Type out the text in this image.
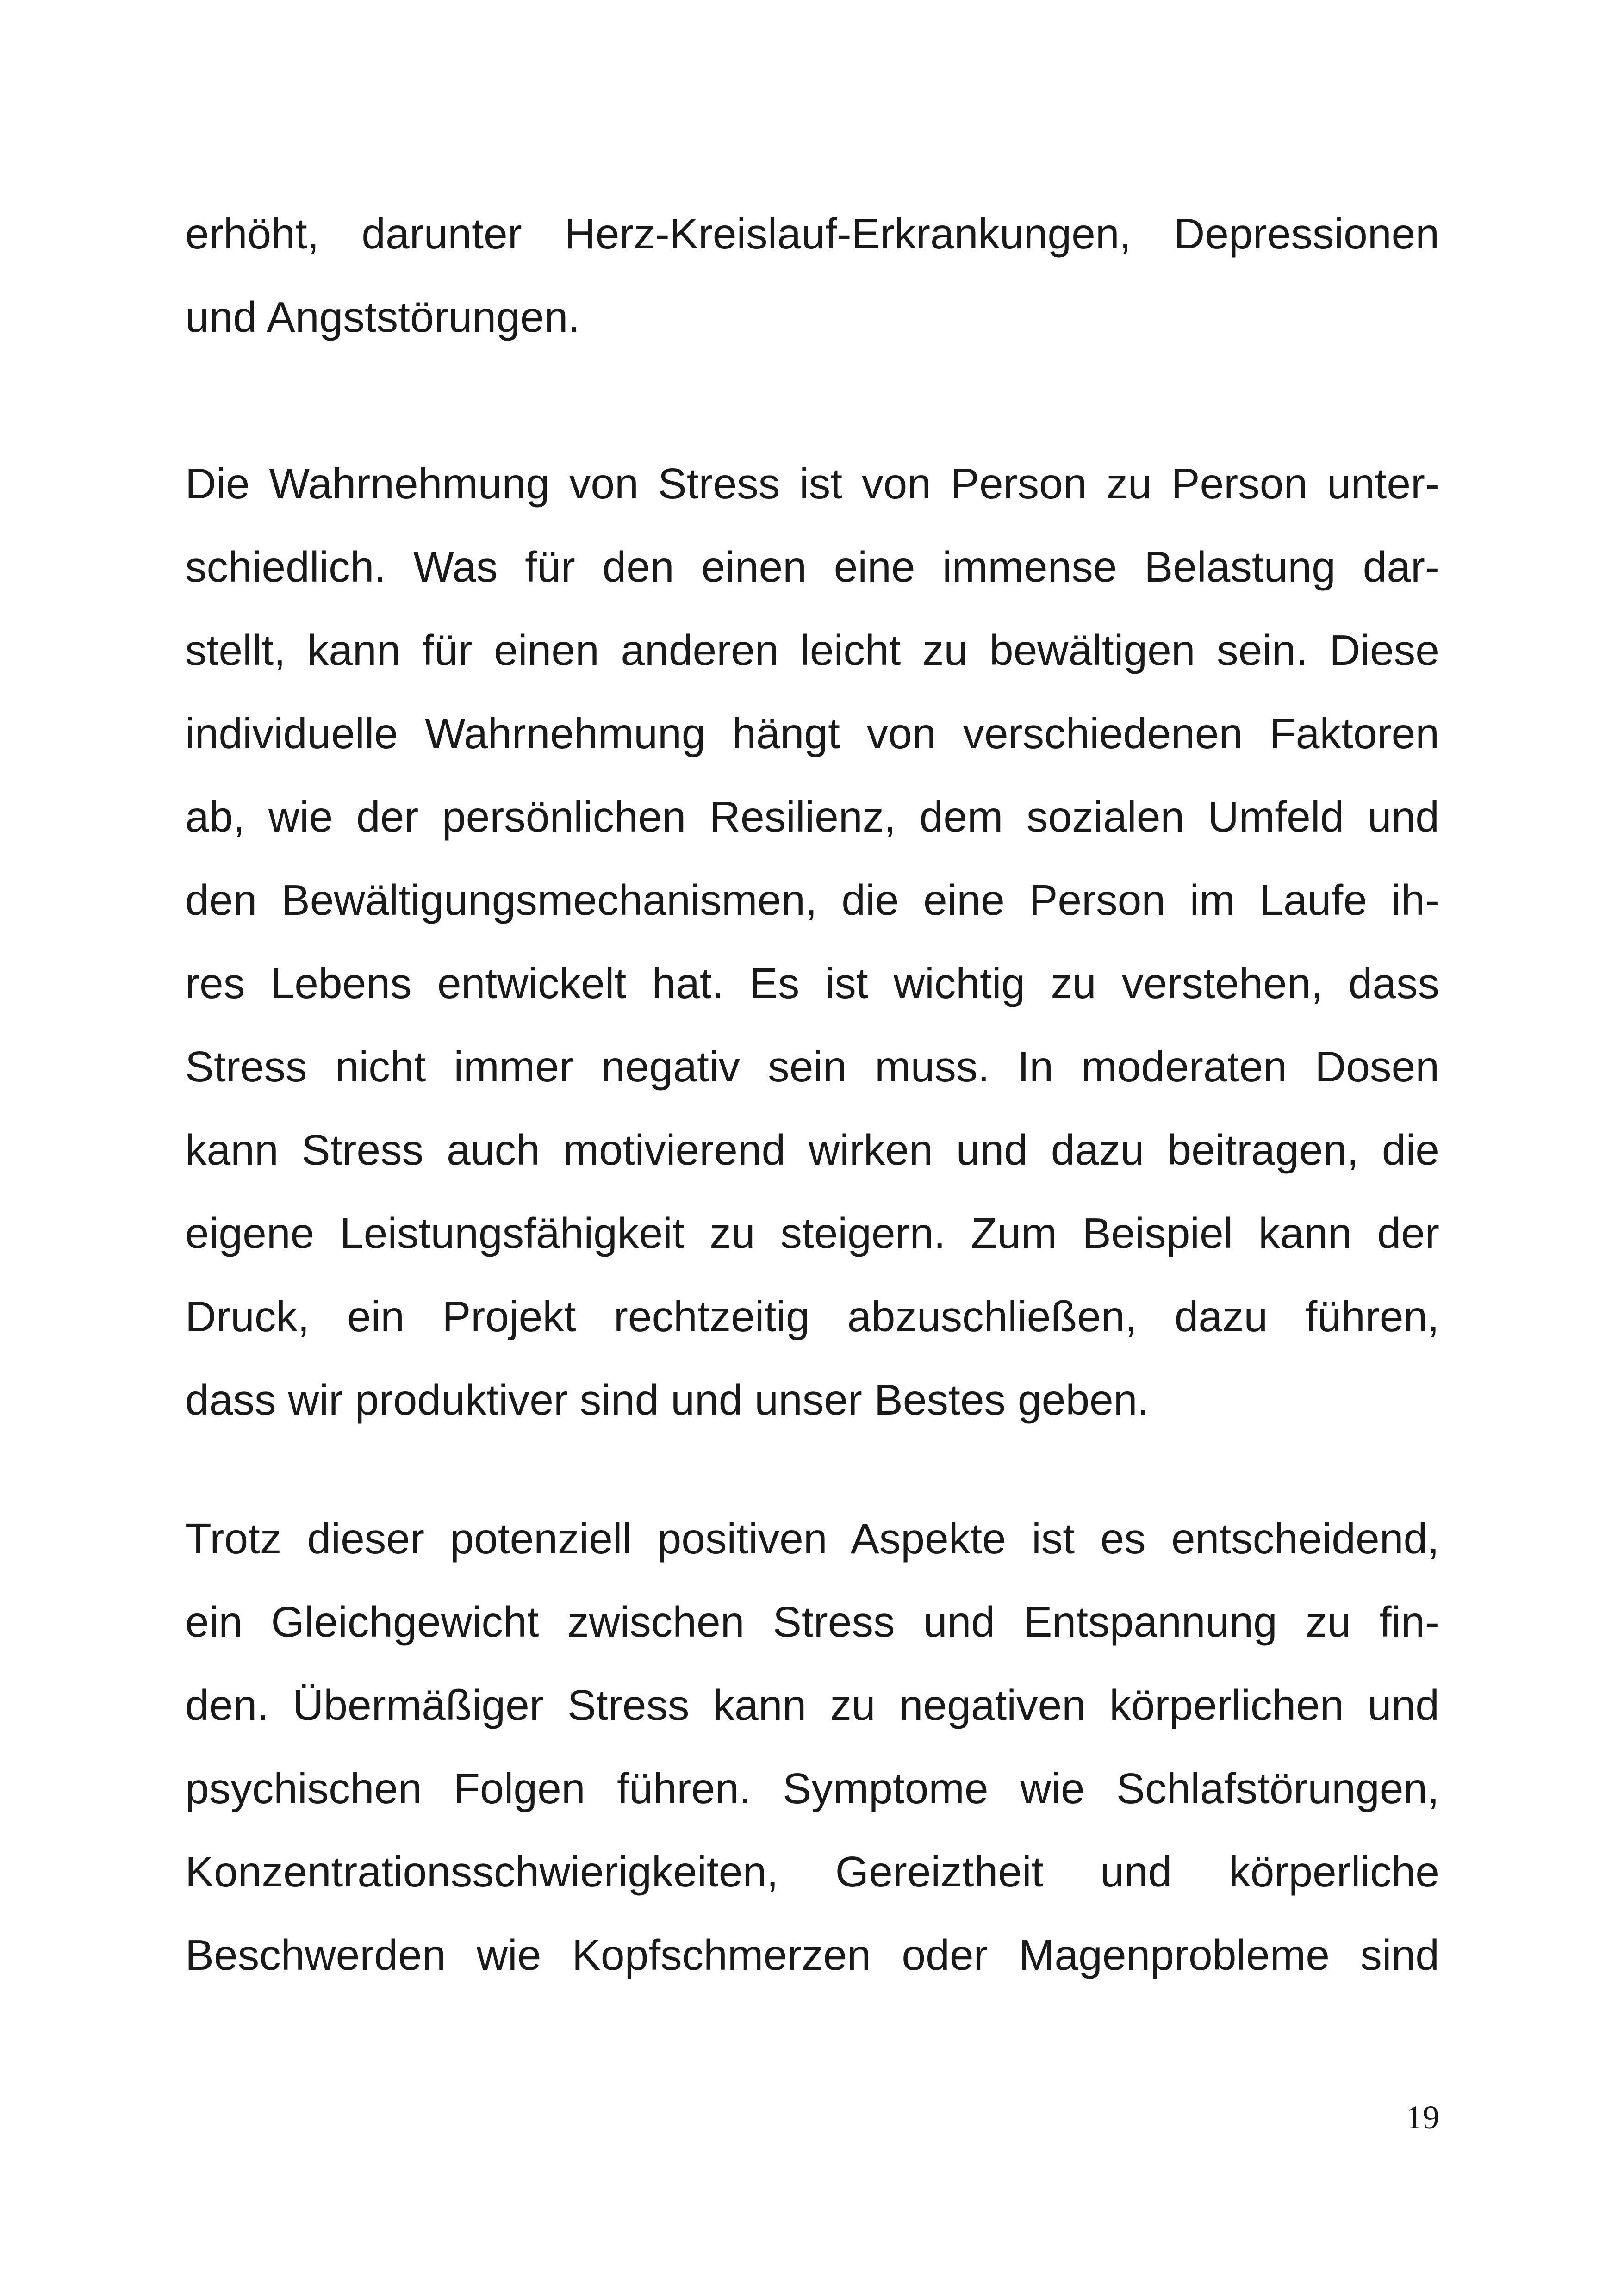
erhöht, darunter Herz-Kreislauf-Erkrankungen, Depressionen
und Angststörungen.
Die Wahrnehmung von Stress ist von Person zu Person unter-
schiedlich. Was für den einen eine immense Belastung dar-
stellt, kann für einen anderen leicht zu bewältigen sein. Diese
individuelle Wahrnehmung hängt von verschiedenen Faktoren
ab, wie der persönlichen Resilienz, dem sozialen Umfeld und
den Bewältigungsmechanismen, die eine Person im Laufe ih-
res Lebens entwickelt hat. Es ist wichtig zu verstehen, dass
Stress nicht immer negativ sein muss. In moderaten Dosen
kann Stress auch motivierend wirken und dazu beitragen, die
eigene Leistungsfähigkeit zu steigern. Zum Beispiel kann der
Druck, ein Projekt rechtzeitig abzuschließen, dazu führen,
dass wir produktiver sind und unser Bestes geben.
Trotz dieser potenziell positiven Aspekte ist es entscheidend,
ein Gleichgewicht zwischen Stress und Entspannung zu fin-
den. Übermäßiger Stress kann zu negativen körperlichen und
psychischen Folgen führen. Symptome wie Schlafstörungen,
Konzentrationsschwierigkeiten, Gereiztheit und körperliche
Beschwerden wie Kopfschmerzen oder Magenprobleme sind
19
